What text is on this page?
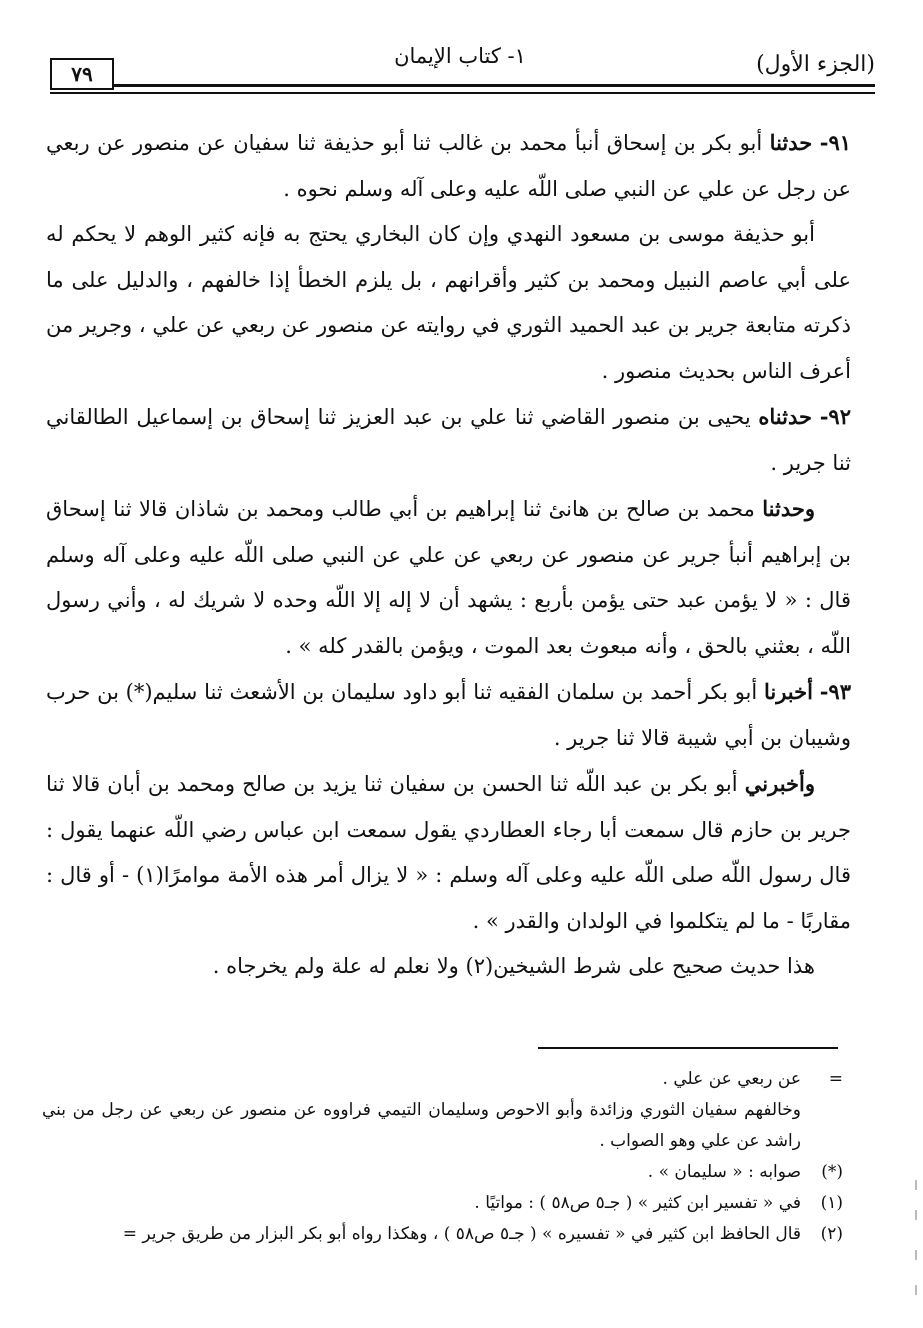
٧٩
١- كتاب الإيمان	(الجزء الأول)

٩١- حدثنا أبو بكر بن إسحاق أنبأ محمد بن غالب ثنا أبو حذيفة ثنا سفيان عن منصور عن ربعي عن رجل عن علي عن النبي صلى اللّه عليه وعلى آله وسلم نحوه .

أبو حذيفة موسى بن مسعود النهدي وإن كان البخاري يحتج به فإنه كثير الوهم لا يحكم له على أبي عاصم النبيل ومحمد بن كثير وأقرانهم ، بل يلزم الخطأ إذا خالفهم ، والدليل على ما ذكرته متابعة جرير بن عبد الحميد الثوري في روايته عن منصور عن ربعي عن علي ، وجرير من أعرف الناس بحديث منصور .

٩٢- حدثناه يحيى بن منصور القاضي ثنا علي بن عبد العزيز ثنا إسحاق بن إسماعيل الطالقاني ثنا جرير .

وحدثنا محمد بن صالح بن هانئ ثنا إبراهيم بن أبي طالب ومحمد بن شاذان قالا ثنا إسحاق بن إبراهيم أنبأ جرير عن منصور عن ربعي عن علي عن النبي صلى اللّه عليه وعلى آله وسلم قال : « لا يؤمن عبد حتى يؤمن بأربع : يشهد أن لا إله إلا اللّه وحده لا شريك له ، وأني رسول اللّه ، بعثني بالحق ، وأنه مبعوث بعد الموت ، ويؤمن بالقدر كله » .

٩٣- أخبرنا أبو بكر أحمد بن سلمان الفقيه ثنا أبو داود سليمان بن الأشعث ثنا سليم(*) بن حرب وشيبان بن أبي شيبة قالا ثنا جرير .

وأخبرني أبو بكر بن عبد اللّه ثنا الحسن بن سفيان ثنا يزيد بن صالح ومحمد بن أبان قالا ثنا جرير بن حازم قال سمعت أبا رجاء العطاردي يقول سمعت ابن عباس رضي اللّه عنهما يقول : قال رسول اللّه صلى اللّه عليه وعلى آله وسلم : « لا يزال أمر هذه الأمة موامرًا(١) - أو قال : مقاربًا - ما لم يتكلموا في الولدان والقدر » .

هذا حديث صحيح على شرط الشيخين(٢) ولا نعلم له علة ولم يخرجاه .

=عن ربعي عن علي .

وخالفهم سفيان الثوري وزائدة وأبو الاحوص وسليمان التيمي فراووه عن منصور عن ربعي عن رجل من بني راشد عن علي وهو الصواب .

(*)صوابه : « سليمان » .

(١)في « تفسير ابن كثير » ( جـ٥ ص٥٨ ) : مواتيًا .

(٢)قال الحافظ ابن كثير في « تفسيره » ( جـ٥ ص٥٨ ) ، وهكذا رواه أبو بكر البزار من طريق جرير =
